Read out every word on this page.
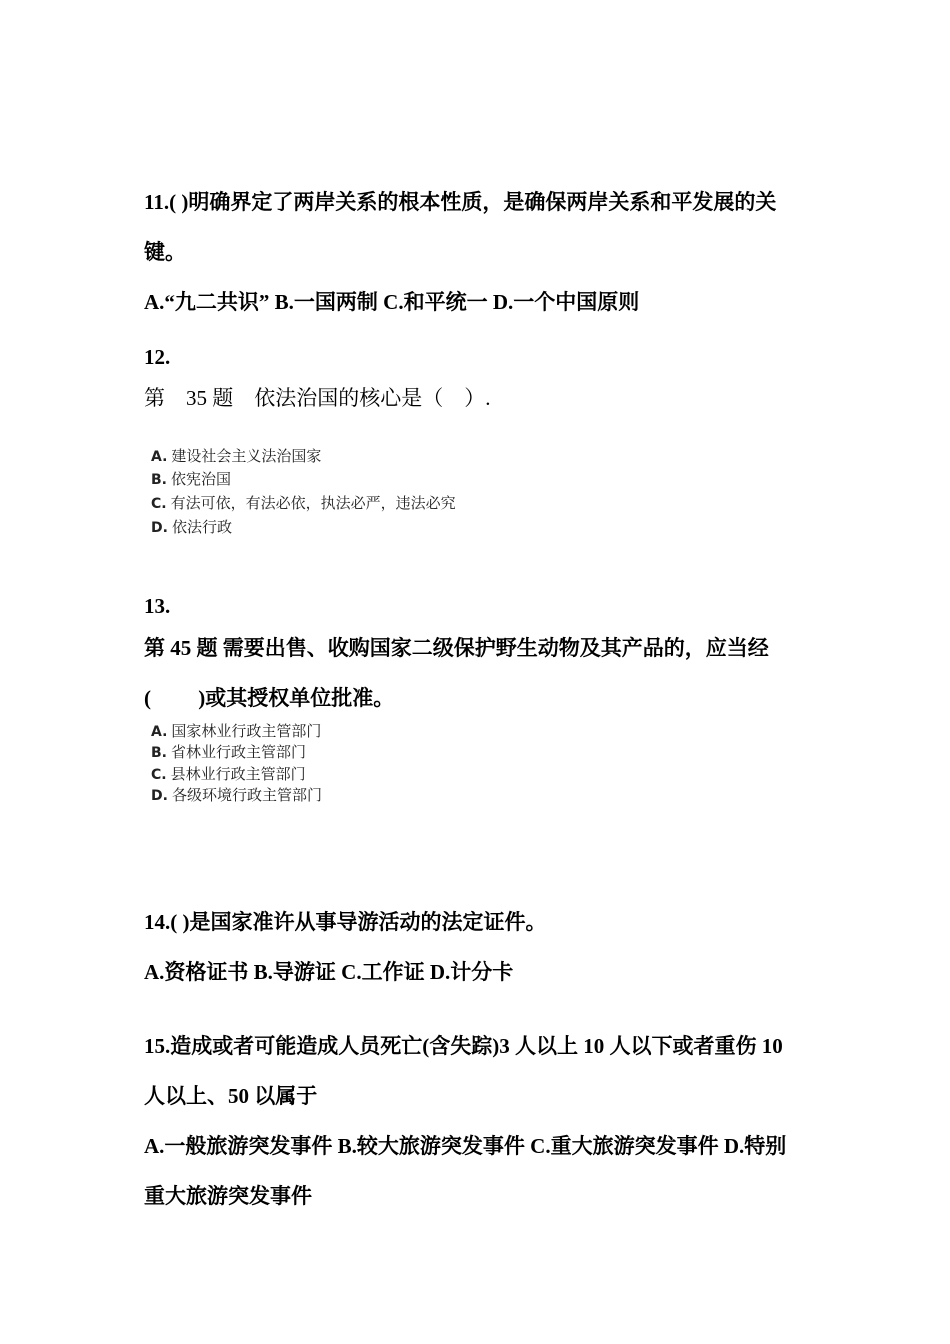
11.( )明确界定了两岸关系的根本性质，是确保两岸关系和平发展的关
键。
A.“九二共识” B.一国两制 C.和平统一 D.一个中国原则
12.
第　35 题　依法治国的核心是（　）.
A. 建设社会主义法治国家
B. 依宪治国
C. 有法可依，有法必依，执法必严，违法必究
D. 依法行政
13.
第 45 题 需要出售、收购国家二级保护野生动物及其产品的，应当经
(　　 )或其授权单位批准。
A. 国家林业行政主管部门
B. 省林业行政主管部门
C. 县林业行政主管部门
D. 各级环境行政主管部门
14.( )是国家准许从事导游活动的法定证件。
A.资格证书 B.导游证 C.工作证 D.计分卡
15.造成或者可能造成人员死亡(含失踪)3 人以上 10 人以下或者重伤 10
人以上、50 以属于
A.一般旅游突发事件 B.较大旅游突发事件 C.重大旅游突发事件 D.特别
重大旅游突发事件
